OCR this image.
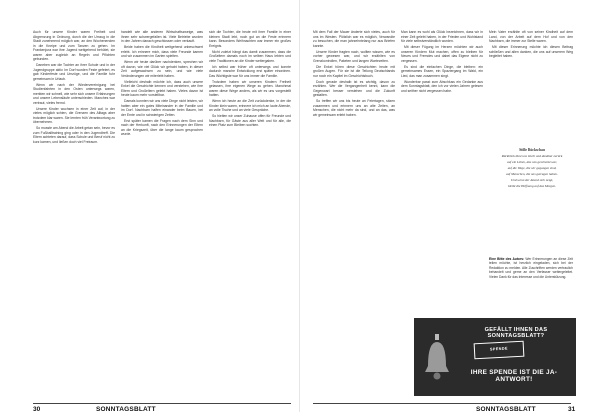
Auch für unsere Kinder waren Freiheit und Abgrenzung in Ordnung, durch die der Umzug in die Stadt zunehmend möglich war, an den Wochenenden in die Kneipe und zum Tanzen zu gehen. Im Frankenjura war ihre Jugend weitgehend behütet, sie waren aber zugleich an Regeln und Pflichten gebunden.

Daneben war die Tochter an ihrer Schule und in der Jugendgruppe aktiv. Im Dorf wurden Feste gefeiert, es gab Kinderfeste und Umzüge, und die Familie fuhr gemeinsam in Urlaub.

Wenn wir nach der Wiedervereinigung bei Studienfahrten in den Osten unterwegs waren, merkten wir schnell, wie sehr sich unsere Erfahrungen und unsere Lebensläufe unterschieden. Manches war vertraut, vieles fremd.

Unsere Kinder wuchsen in einer Zeit auf, in der vieles möglich schien, die Grenzen des Alltags aber trotzdem klar waren. Sie lernten früh Verantwortung zu übernehmen.

So musste am Abend die Arbeit getan sein, bevor es zum Fußballtraining ging oder in den Jugendtreff. Die Eltern achteten darauf, dass Schule und Beruf nicht zu kurz kamen, und ließen doch viel Freiraum.

handelt wie alle anderen Wirtschaftszweige, was ihnen sehr schwergefallen ist. Viele Betriebe wurden in den Jahren danach geschlossen oder verkauft.

Beide haben die Kindheit weitgehend unbeschwert erlebt. Ich erinnere mich, dass viele Freunde kamen und wir zusammen im Garten spielten.

Wenn wir heute darüber nachdenken, sprechen wir oft davon, wie viel Glück wir gehabt haben, in dieser Zeit aufgewachsen zu sein, und wie viele Veränderungen wir miterlebt haben.

Vielleicht deshalb möchte ich, dass auch unsere Enkel die Geschichte kennen und verstehen, wie ihre Eltern und Großeltern gelebt haben. Vieles davon ist heute kaum mehr vorstellbar.

Damals konnten wir uns viele Dinge nicht leisten, wir hatten aber ein gutes Miteinander in der Familie und im Dorf. Nachbarn halfen einander beim Bauen, bei der Ernte und in schwierigen Zeiten.

Erst später kamen die Fragen nach dem Sinn und nach der Herkunft, nach den Erinnerungen der Eltern an die Kriegszeit, über die lange kaum gesprochen wurde.

sich die Tochter, die heute mit ihrer Familie in einer kleinen Stadt lebt, noch gut an die Feste erinnern kann. Besonders Weihnachten war immer ein großes Ereignis.

Nicht zuletzt hängt das damit zusammen, dass die Großeltern damals noch im selben Haus lebten und viele Traditionen an die Kinder weitergaben.

Ich selbst war früher oft unterwegs und konnte dadurch manche Entwicklung erst später einordnen. Das Wichtigste war für uns immer die Familie.

Trotzdem haben wir unseren Kindern Freiheit gelassen, ihre eigenen Wege zu gehen. Manchmal waren diese Wege anders, als wir es uns vorgestellt hatten.

Wenn ich heute an die Zeit zurückdenke, in der die Kinder klein waren, erinnere ich mich an laute Abende, an volle Tische und an viele Gespräche.

So hielten wir unser Zuhause offen für Freunde und Nachbarn, für Gäste aus aller Welt und für alle, die einen Platz zum Bleiben suchten.

30	SONNTAGSBLATT

Mit dem Fall der Mauer änderte sich vieles, auch für uns im Westen. Plötzlich war es möglich, Verwandte zu besuchen, die man jahrzehntelang nur aus Briefen kannte.

Unsere Kinder fragten nach, wollten wissen, wie es vorher gewesen war, und wir erzählten von Grenzkontrollen, Paketen und langen Wartezeiten.

Die Enkel hören diese Geschichten heute mit großen Augen. Für sie ist die Teilung Deutschlands nur noch ein Kapitel im Geschichtsbuch.

Doch gerade deshalb ist es wichtig, davon zu erzählen. Wer die Vergangenheit kennt, kann die Gegenwart besser verstehen und die Zukunft gestalten.

So treffen wir uns bis heute an Feiertagen, sitzen zusammen und erinnern uns an alte Zeiten, an Menschen, die nicht mehr da sind, und an das, was wir gemeinsam erlebt haben.

Man kann es wohl als Glück bezeichnen, dass wir in einer Zeit gelebt haben, in der Frieden und Wohlstand für viele selbstverständlich wurden.

Mit dieser Fügung im Herzen möchten wir auch unseren Kindern Mut machen, offen zu bleiben für Neues und Fremdes und dabei das Eigene nicht zu vergessen.

Es sind die einfachen Dinge, die bleiben: ein gemeinsames Essen, ein Spaziergang im Wald, ein Lied, das man zusammen singt.

Wunderbar passt zum Abschluss ein Gedanke aus dem Sonntagsblatt, den ich vor vielen Jahren gelesen und seither nicht vergessen habe.

Mein Vater erzählte oft von seiner Kindheit auf dem Land, von der Arbeit auf dem Hof und von den Nachbarn, die immer zur Stelle waren.

Mit dieser Erinnerung möchte ich diesen Beitrag schließen und allen danken, die uns auf unserem Weg begleitet haben.

Stille Rückschau

Rückblick lässt uns leicht und dankbar zurück

auf ein Leben, das uns geschenkt war,

auf die Wege, die wir gegangen sind,

auf Menschen, die uns getragen haben.

Und wenn der Abend sich neigt,

bleibt die Hoffnung auf das Morgen.

Eine Bitte des Autors: Wer Erinnerungen an diese Zeit teilen möchte, ist herzlich eingeladen, sich bei der Redaktion zu melden. Alle Zuschriften werden vertraulich behandelt und gerne an den Verfasser weitergeleitet. Vielen Dank für das Interesse und die Unterstützung.
GEFÄLLT IHNEN DAS SONNTAGSBLATT?
SPENDE
IHRE SPENDE IST DIE JA-ANTWORT!
SONNTAGSBLATT	31
